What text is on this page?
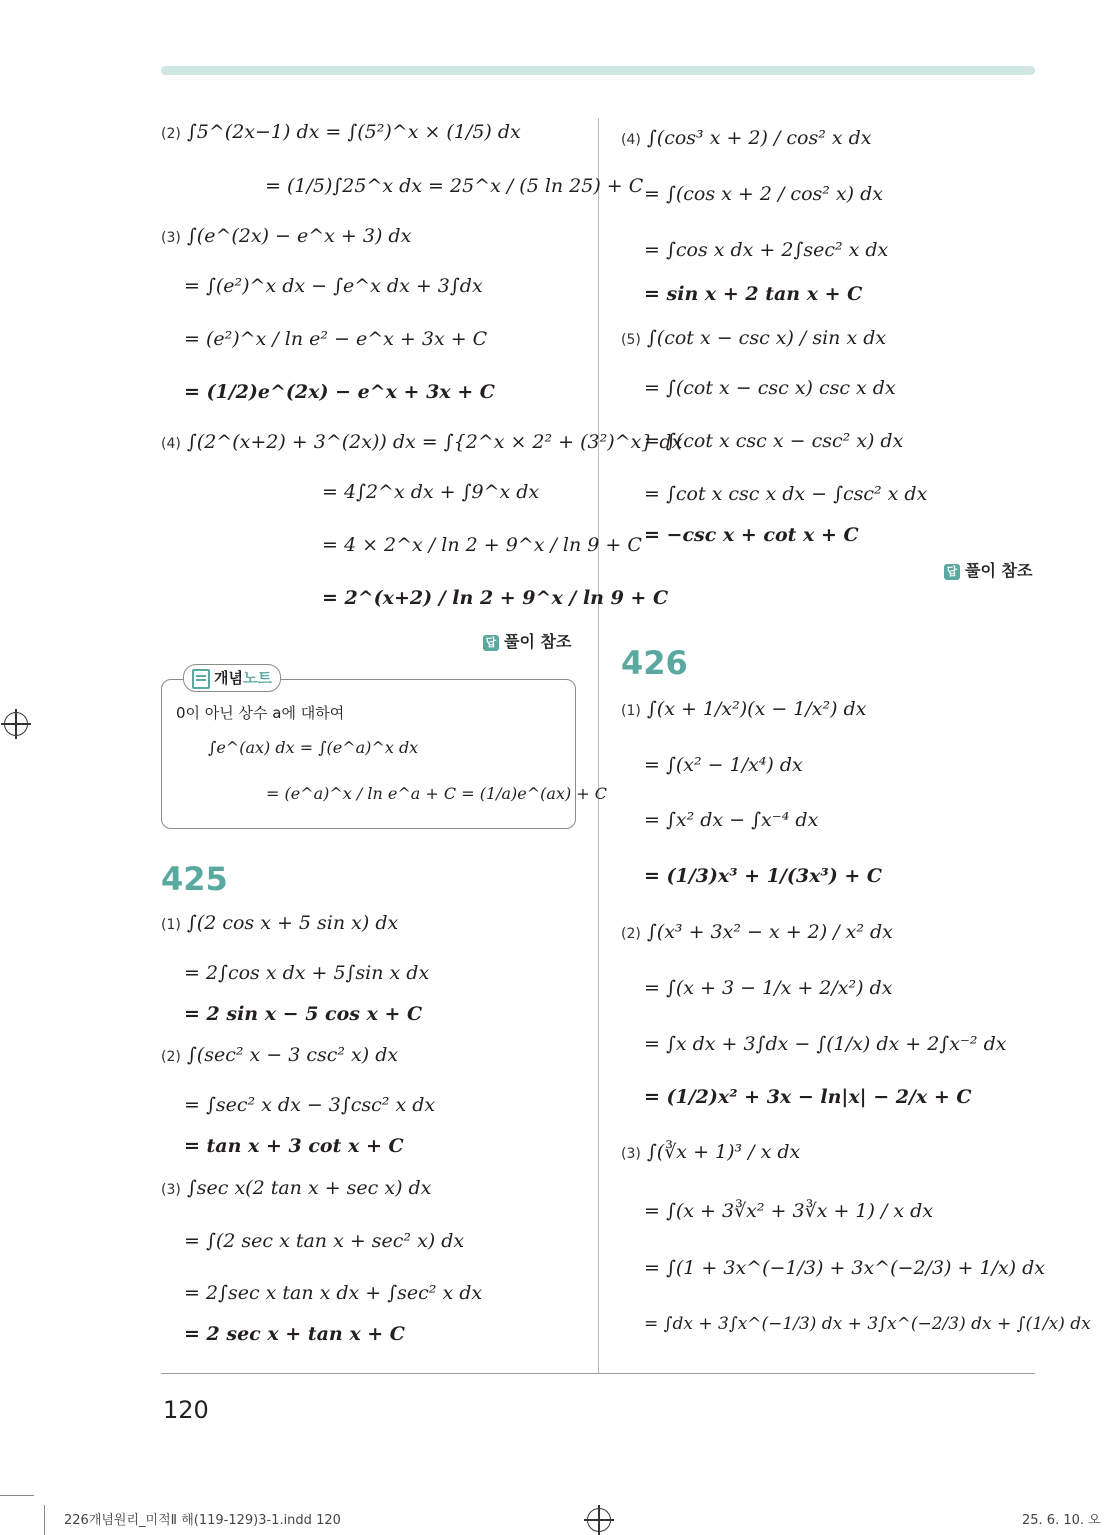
(2) ∫5^(2x−1) dx = ∫(5²)^x × (1/5) dx
= (1/5)∫25^x dx = 25^x / (5 ln 25) + C
(3) ∫(e^(2x) − e^x + 3) dx
= ∫(e²)^x dx − ∫e^x dx + 3∫dx
= (e²)^x / ln e² − e^x + 3x + C
= (1/2)e^(2x) − e^x + 3x + C
(4) ∫(2^(x+2) + 3^(2x)) dx = ∫{2^x × 2² + (3²)^x} dx
= 4∫2^x dx + ∫9^x dx
= 4 × 2^x / ln 2 + 9^x / ln 9 + C
= 2^(x+2) / ln 2 + 9^x / ln 9 + C
답 풀이 참조
개념노트
0이 아닌 상수 a에 대하여
∫e^(ax) dx = ∫(e^a)^x dx
= (e^a)^x / ln e^a + C = (1/a)e^(ax) + C
425
(1) ∫(2 cos x + 5 sin x) dx
= 2∫cos x dx + 5∫sin x dx
= 2 sin x − 5 cos x + C
(2) ∫(sec² x − 3 csc² x) dx
= ∫sec² x dx − 3∫csc² x dx
= tan x + 3 cot x + C
(3) ∫sec x(2 tan x + sec x) dx
= ∫(2 sec x tan x + sec² x) dx
= 2∫sec x tan x dx + ∫sec² x dx
= 2 sec x + tan x + C
(4) ∫(cos³ x + 2) / cos² x dx
= ∫(cos x + 2 / cos² x) dx
= ∫cos x dx + 2∫sec² x dx
= sin x + 2 tan x + C
(5) ∫(cot x − csc x) / sin x dx
= ∫(cot x − csc x) csc x dx
= ∫(cot x csc x − csc² x) dx
= ∫cot x csc x dx − ∫csc² x dx
= −csc x + cot x + C
답 풀이 참조
426
(1) ∫(x + 1/x²)(x − 1/x²) dx
= ∫(x² − 1/x⁴) dx
= ∫x² dx − ∫x⁻⁴ dx
= (1/3)x³ + 1/(3x³) + C
(2) ∫(x³ + 3x² − x + 2) / x² dx
= ∫(x + 3 − 1/x + 2/x²) dx
= ∫x dx + 3∫dx − ∫(1/x) dx + 2∫x⁻² dx
= (1/2)x² + 3x − ln|x| − 2/x + C
(3) ∫(∛x + 1)³ / x dx
= ∫(x + 3∛x² + 3∛x + 1) / x dx
= ∫(1 + 3x^(−1/3) + 3x^(−2/3) + 1/x) dx
= ∫dx + 3∫x^(−1/3) dx + 3∫x^(−2/3) dx + ∫(1/x) dx
120
226개념원리_미적Ⅱ 해(119-129)3-1.indd 120	25. 6. 10. 오
